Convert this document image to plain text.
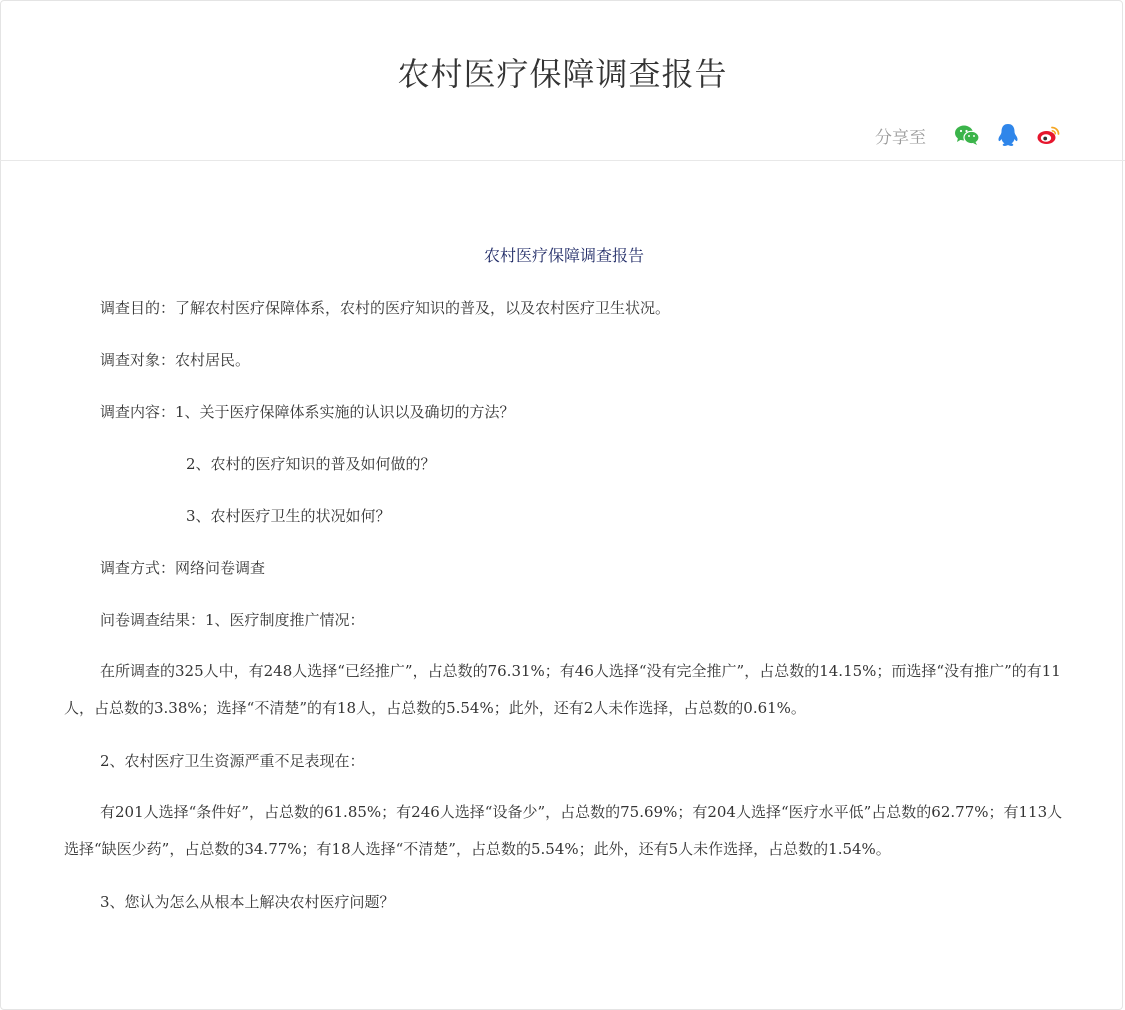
农村医疗保障调查报告
分享至

农村医疗保障调查报告

调查目的：了解农村医疗保障体系，农村的医疗知识的普及，以及农村医疗卫生状况。

调查对象：农村居民。

调查内容：1、关于医疗保障体系实施的认识以及确切的方法？

2、农村的医疗知识的普及如何做的？

3、农村医疗卫生的状况如何？

调查方式：网络问卷调查

问卷调查结果：1、医疗制度推广情况：

在所调查的325人中，有248人选择“已经推广”，占总数的76.31%；有46人选择“没有完全推广”，占总数的14.15%；而选择“没有推广”的有11人，占总数的3.38%；选择“不清楚”的有18人，占总数的5.54%；此外，还有2人未作选择，占总数的0.61%。

2、农村医疗卫生资源严重不足表现在：

有201人选择“条件好”，占总数的61.85%；有246人选择“设备少”，占总数的75.69%；有204人选择“医疗水平低”占总数的62.77%；有113人选择“缺医少药”，占总数的34.77%；有18人选择“不清楚”，占总数的5.54%；此外，还有5人未作选择，占总数的1.54%。

3、您认为怎么从根本上解决农村医疗问题？
